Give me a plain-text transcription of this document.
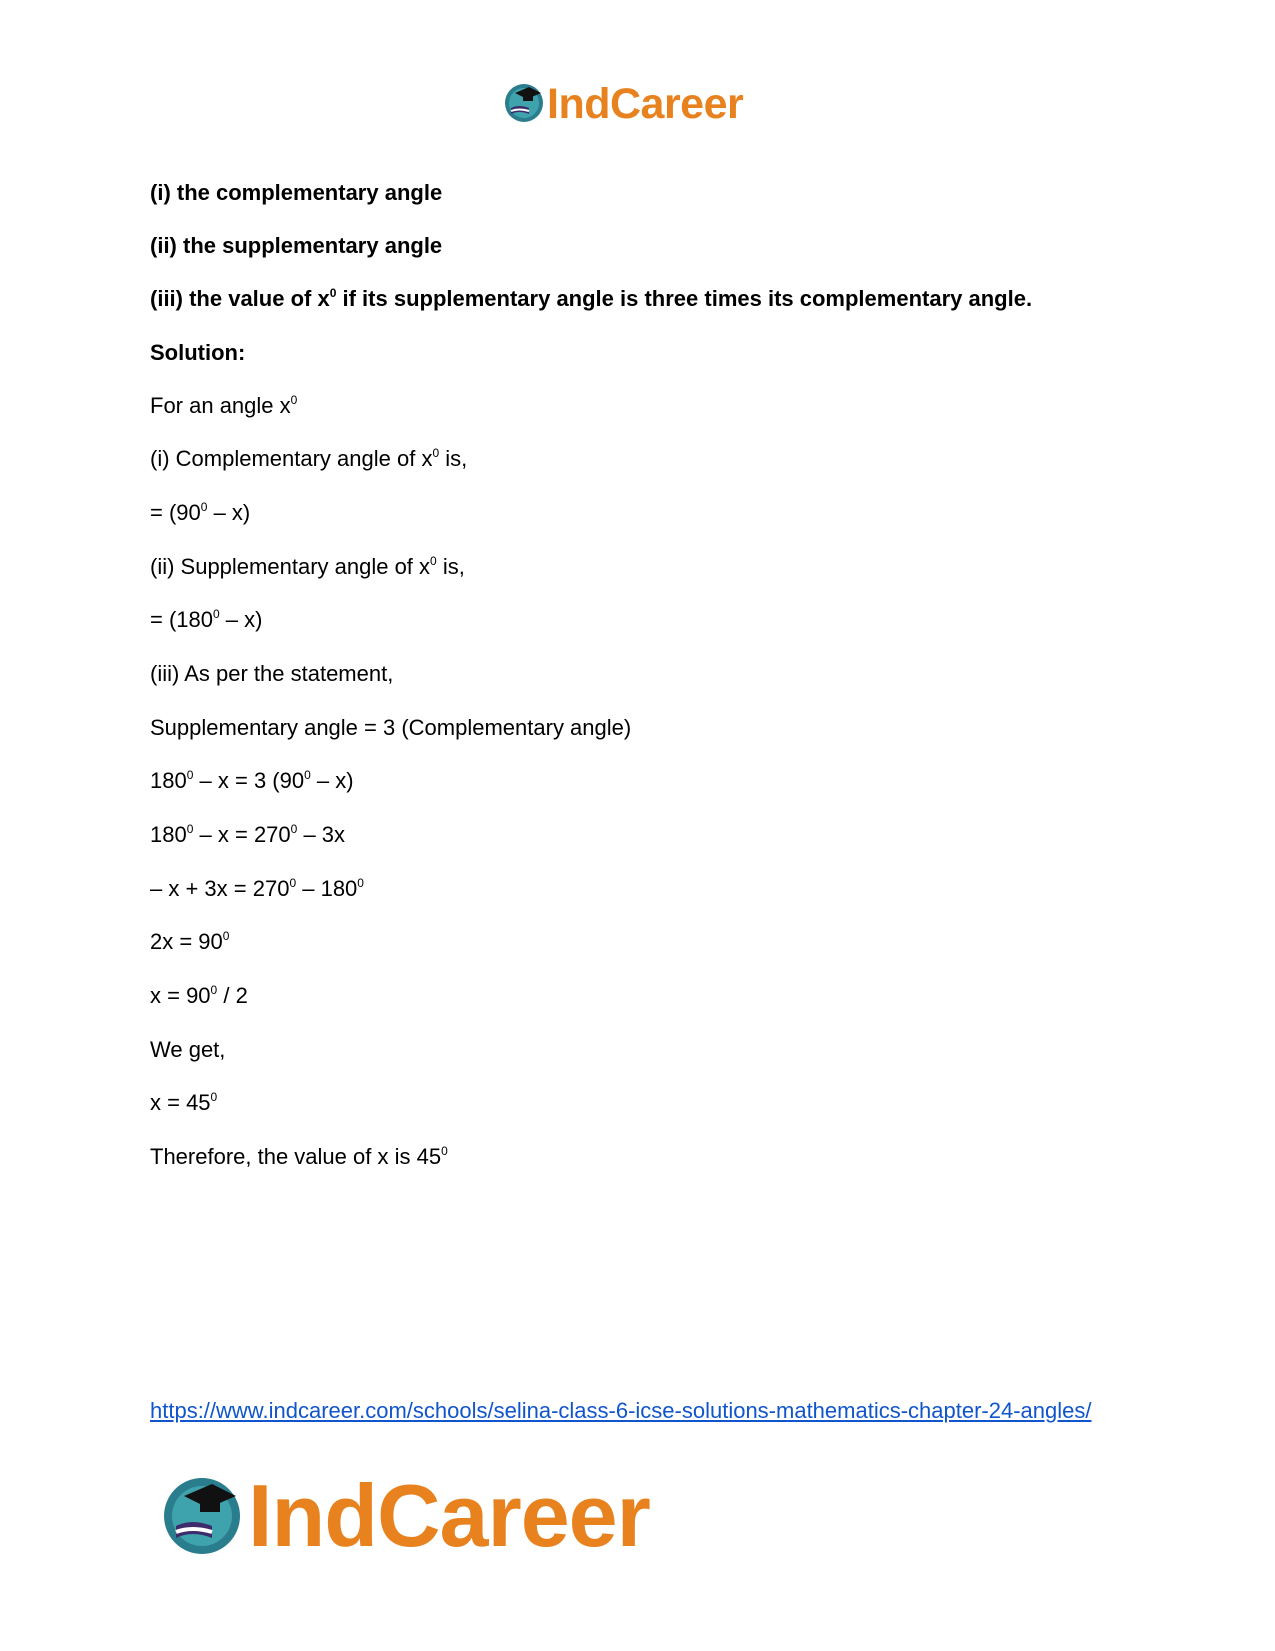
IndCareer
(i) the complementary angle
(ii) the supplementary angle
(iii) the value of $x^0$ if its supplementary angle is three times its complementary angle.
Solution:
For an angle $x^0$
(i) Complementary angle of $x^0$ is,
= $(90^0 - x)$
(ii) Supplementary angle of $x^0$ is,
= $(180^0 - x)$
(iii) As per the statement,
Supplementary angle = 3 (Complementary angle)
$180^0 - x = 3$ $(90^0 - x)$
$180^0 - x = 270^0 - 3x$
– $x + 3x = 270^0 - 180^0$
$2x = 90^0$
$x = 90^0 / 2$
We get,
$x = 45^0$
Therefore, the value of x is $45^0$
https://www.indcareer.com/schools/selina-class-6-icse-solutions-mathematics-chapter-24-angles/
IndCareer
